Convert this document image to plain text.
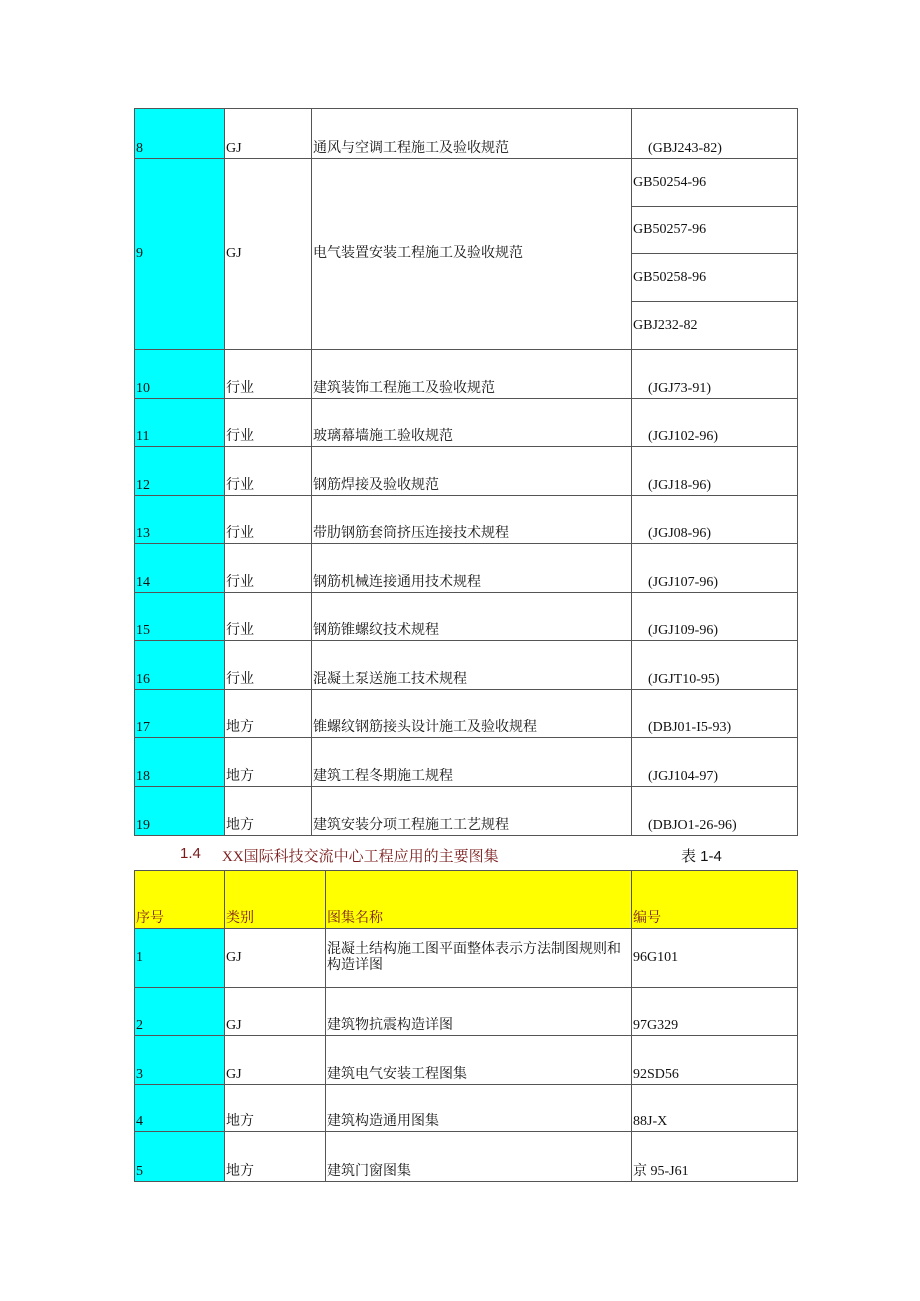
8	GJ	通风与空调工程施工及验收规范	(GBJ243-82)
9	GJ	电气装置安装工程施工及验收规范	GB50254-96
			GB50257-96
			GB50258-96
			GBJ232-82
10	行业	建筑装饰工程施工及验收规范	(JGJ73-91)
11	行业	玻璃幕墙施工验收规范	(JGJ102-96)
12	行业	钢筋焊接及验收规范	(JGJ18-96)
13	行业	带肋钢筋套筒挤压连接技术规程	(JGJ08-96)
14	行业	钢筋机械连接通用技术规程	(JGJ107-96)
15	行业	钢筋锥螺纹技术规程	(JGJ109-96)
16	行业	混凝土泵送施工技术规程	(JGJT10-95)
17	地方	锥螺纹钢筋接头设计施工及验收规程	(DBJ01-I5-93)
18	地方	建筑工程冬期施工规程	(JGJ104-97)
19	地方	建筑安装分项工程施工工艺规程	(DBJO1-26-96)
1.4 XX国际科技交流中心工程应用的主要图集	表 1-4
序号	类别	图集名称	编号
1	GJ	混凝土结构施工图平面整体表示方法制图规则和构造详图	96G101
2	GJ	建筑物抗震构造详图	97G329
3	GJ	建筑电气安装工程图集	92SD56
4	地方	建筑构造通用图集	88J-X
5	地方	建筑门窗图集	京 95-J61
